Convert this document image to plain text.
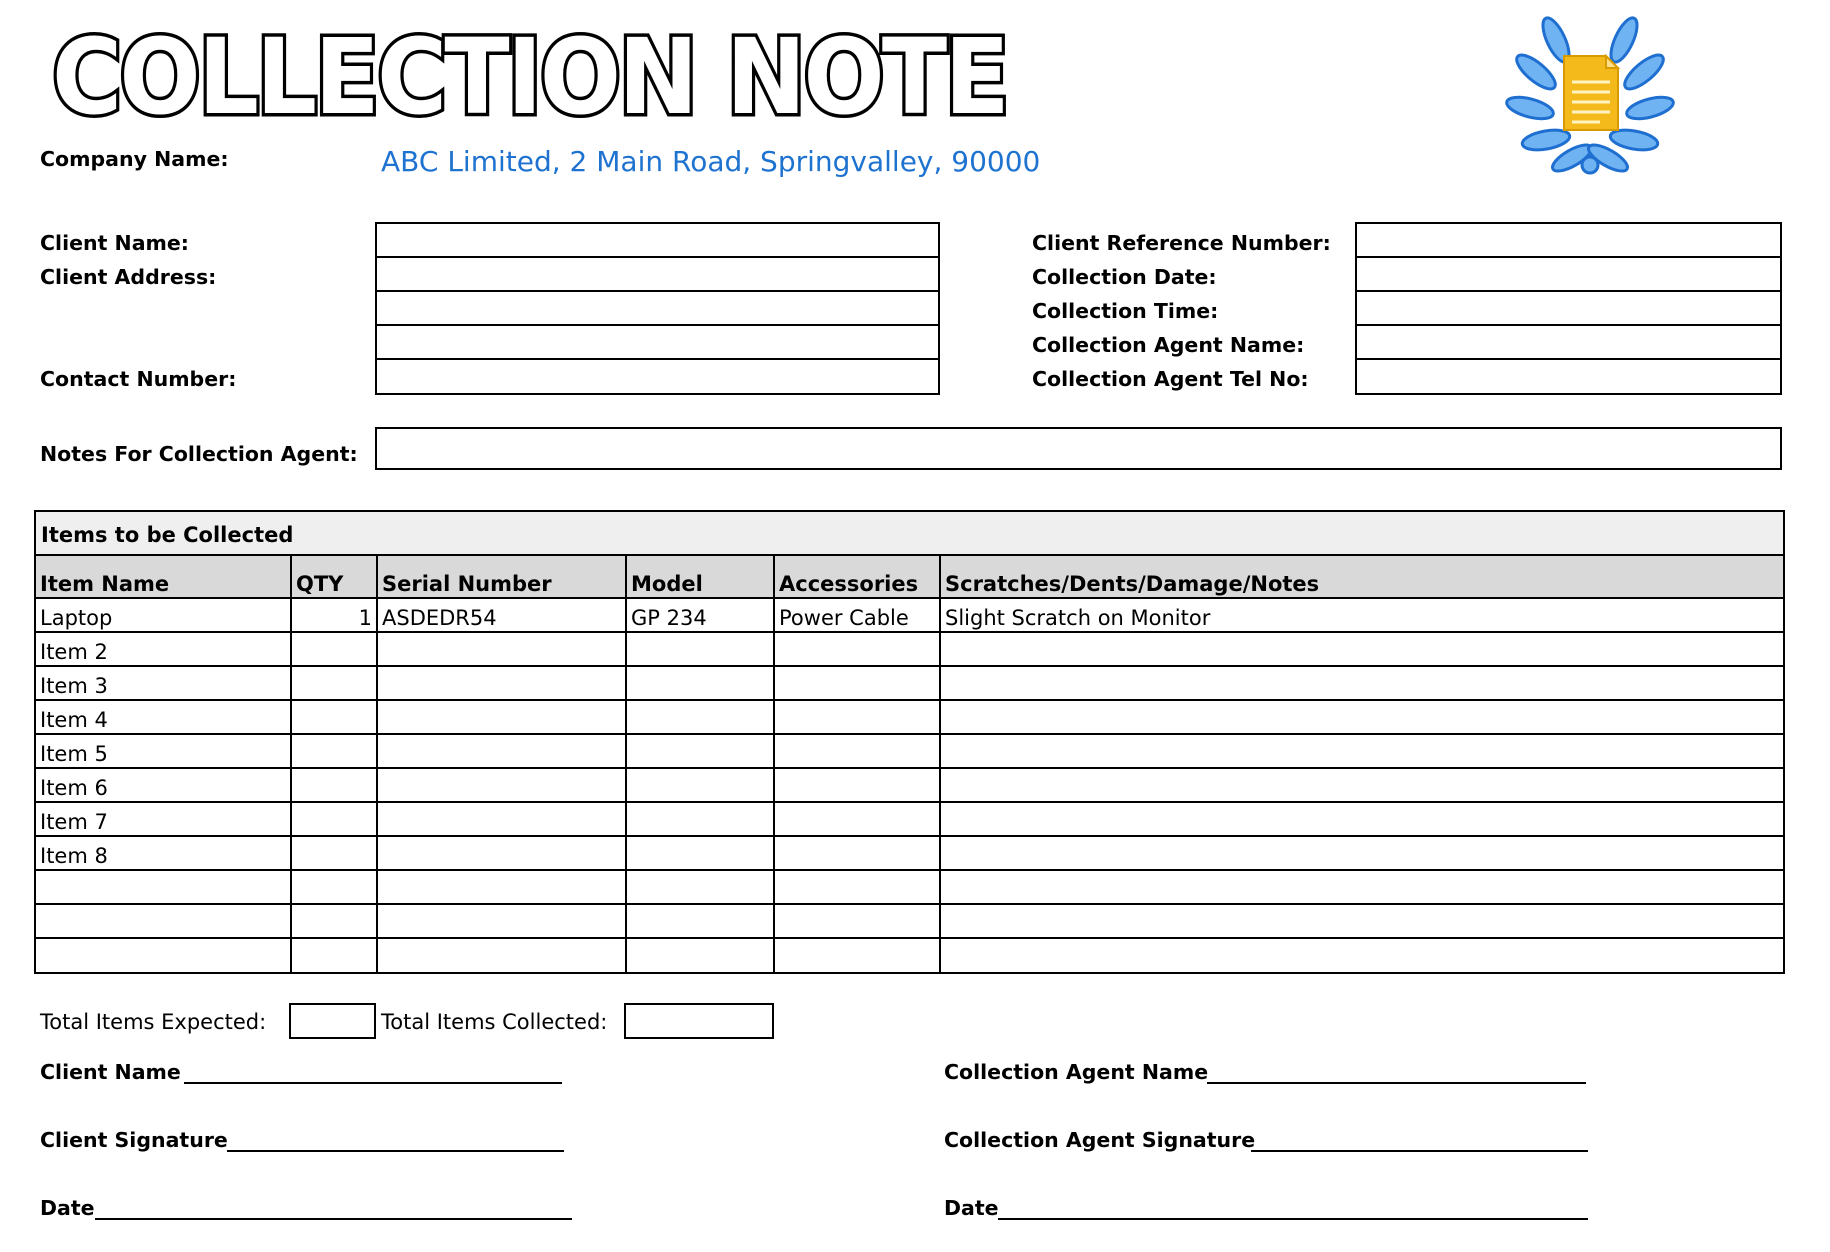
COLLECTION NOTE
Company Name:	ABC Limited, 2 Main Road, Springvalley, 90000
Client Name:
Client Address:
Contact Number:
Client Reference Number:
Collection Date:
Collection Time:
Collection Agent Name:
Collection Agent Tel No:
Notes For Collection Agent:
Items to be Collected
Item Name	QTY	Serial Number	Model	Accessories	Scratches/Dents/Damage/Notes
Laptop	1	ASDEDR54	GP 234	Power Cable	Slight Scratch on Monitor
Item 2					
Item 3					
Item 4					
Item 5					
Item 6					
Item 7					
Item 8					

Total Items Expected:	Total Items Collected:
Client Name
Client Signature
Date
Collection Agent Name
Collection Agent Signature
Date
